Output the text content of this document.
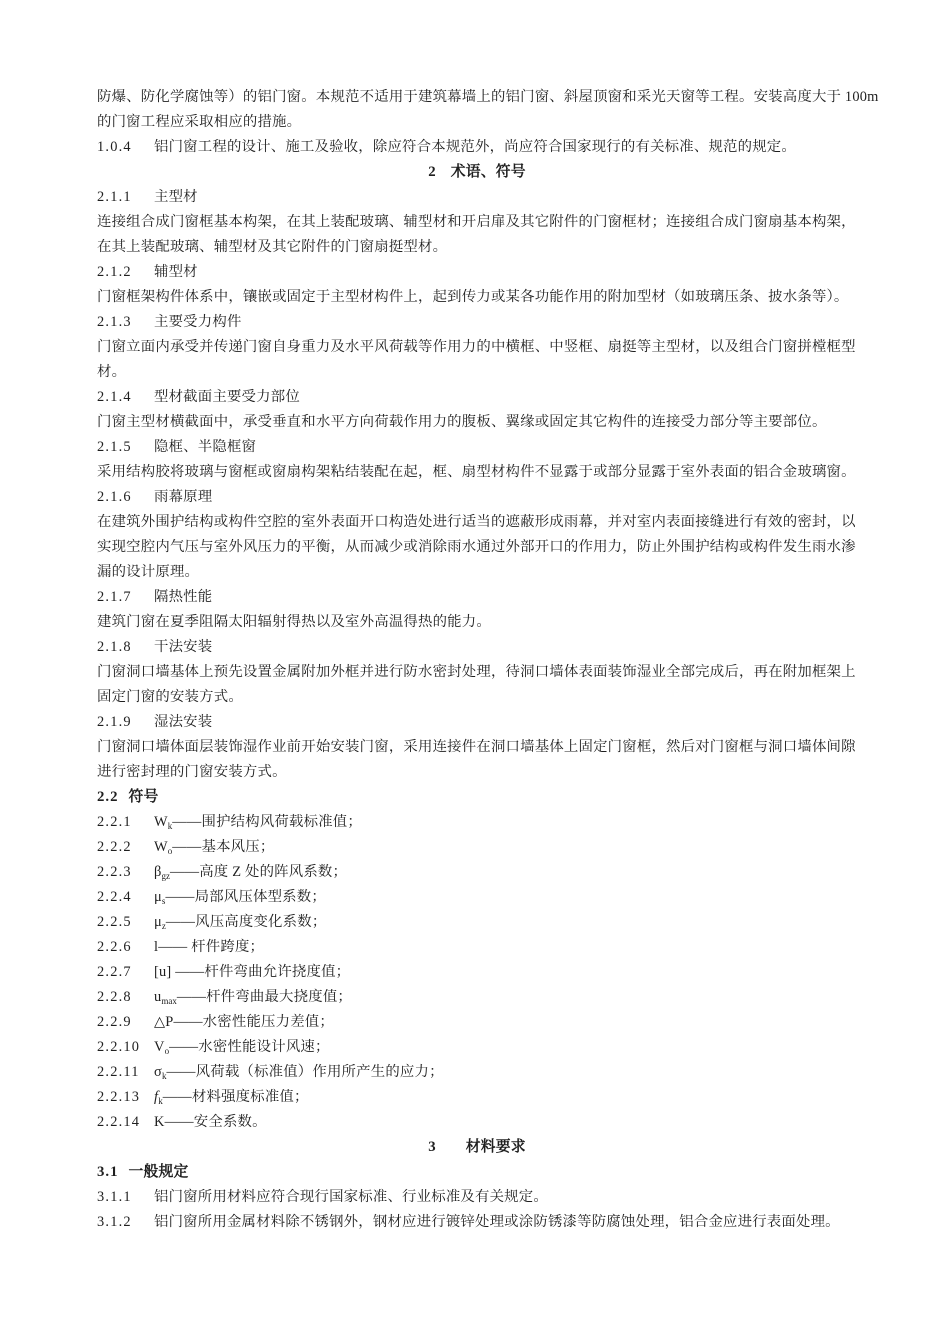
防爆、防化学腐蚀等）的铝门窗。本规范不适用于建筑幕墙上的铝门窗、斜屋顶窗和采光天窗等工程。安装高度大于 100m
的门窗工程应采取相应的措施。
1.0.4 铝门窗工程的设计、施工及验收，除应符合本规范外，尚应符合国家现行的有关标准、规范的规定。
2　术语、符号
2.1.1 主型材
连接组合成门窗框基本构架，在其上装配玻璃、辅型材和开启扉及其它附件的门窗框材；连接组合成门窗扇基本构架，
在其上装配玻璃、辅型材及其它附件的门窗扇挺型材。
2.1.2 辅型材
门窗框架构件体系中，镶嵌或固定于主型材构件上，起到传力或某各功能作用的附加型材（如玻璃压条、披水条等）。
2.1.3 主要受力构件
门窗立面内承受并传递门窗自身重力及水平风荷载等作用力的中横框、中竖框、扇挺等主型材，以及组合门窗拼樘框型
材。
2.1.4 型材截面主要受力部位
门窗主型材横截面中，承受垂直和水平方向荷载作用力的腹板、翼缘或固定其它构件的连接受力部分等主要部位。
2.1.5 隐框、半隐框窗
采用结构胶将玻璃与窗框或窗扇构架粘结装配在起，框、扇型材构件不显露于或部分显露于室外表面的铝合金玻璃窗。
2.1.6 雨幕原理
在建筑外围护结构或构件空腔的室外表面开口构造处进行适当的遮蔽形成雨幕，并对室内表面接缝进行有效的密封，以
实现空腔内气压与室外风压力的平衡，从而减少或消除雨水通过外部开口的作用力，防止外围护结构或构件发生雨水渗
漏的设计原理。
2.1.7 隔热性能
建筑门窗在夏季阻隔太阳辐射得热以及室外高温得热的能力。
2.1.8 干法安装
门窗洞口墙基体上预先设置金属附加外框并进行防水密封处理，待洞口墙体表面装饰湿业全部完成后，再在附加框架上
固定门窗的安装方式。
2.1.9 湿法安装
门窗洞口墙体面层装饰湿作业前开始安装门窗，采用连接件在洞口墙基体上固定门窗框，然后对门窗框与洞口墙体间隙
进行密封理的门窗安装方式。
2.2 符号
2.2.1 $W_k——$围护结构风荷载标准值；
2.2.2 $W_o——$基本风压；
2.2.3 $\beta_{gz}——$高度 Z 处的阵风系数；
2.2.4 $\mu_s——$局部风压体型系数；
2.2.5 $\mu_z——$风压高度变化系数；
2.2.6 l—— 杆件跨度；
2.2.7 [u] ——杆件弯曲允许挠度值；
2.2.8 $u_{max}——$杆件弯曲最大挠度值；
2.2.9 △P——水密性能压力差值；
2.2.10 $V_o——$水密性能设计风速；
2.2.11 $\sigma_k——$风荷载（标准值）作用所产生的应力；
2.2.13 $f_k——$材料强度标准值；
2.2.14 K——安全系数。
3　　材料要求
3.1 一般规定
3.1.1 铝门窗所用材料应符合现行国家标准、行业标准及有关规定。
3.1.2 铝门窗所用金属材料除不锈钢外，钢材应进行镀锌处理或涂防锈漆等防腐蚀处理，铝合金应进行表面处理。
